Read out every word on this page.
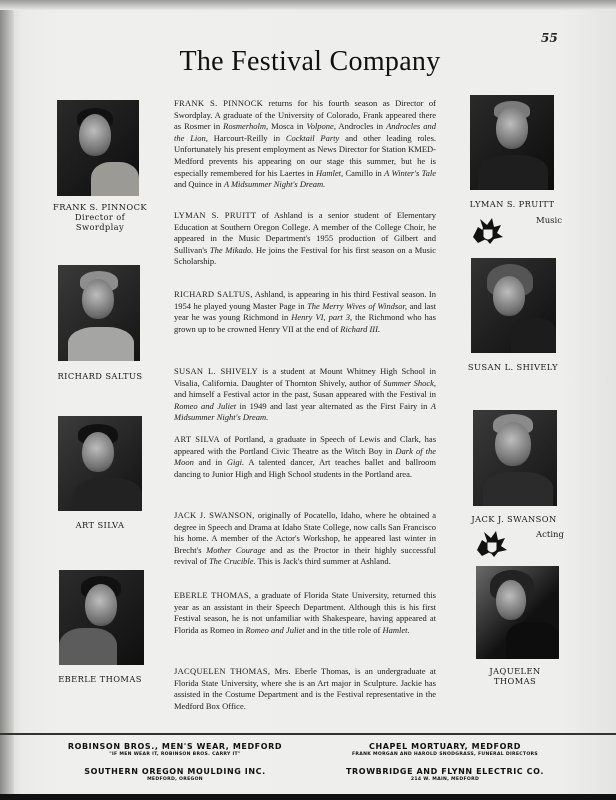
55
The Festival Company
FRANK S. PINNOCK
Director of
Swordplay
RICHARD SALTUS
ART SILVA
EBERLE THOMAS
LYMAN S. PRUITT
Music
SUSAN L. SHIVELY
JACK J. SWANSON
Acting
JAQUELEN
THOMAS
FRANK S. PINNOCK returns for his fourth season as Director of Swordplay. A graduate of the University of Colorado, Frank appeared there as Rosmer in Rosmerholm, Mosca in Volpone, Androcles in Androcles and the Lion, Harcourt-Reilly in Cocktail Party and other leading roles. Unfortunately his present employment as News Director for Station KMED-Medford prevents his appearing on our stage this summer, but he is especially remembered for his Laertes in Hamlet, Camillo in A Winter's Tale and Quince in A Midsummer Night's Dream.
LYMAN S. PRUITT of Ashland is a senior student of Elementary Education at Southern Oregon College. A member of the College Choir, he appeared in the Music Department's 1955 production of Gilbert and Sullivan's The Mikado. He joins the Festival for his first season on a Music Scholarship.
RICHARD SALTUS, Ashland, is appearing in his third Festival season. In 1954 he played young Master Page in The Merry Wives of Windsor, and last year he was young Richmond in Henry VI, part 3, the Richmond who has grown up to be crowned Henry VII at the end of Richard III.
SUSAN L. SHIVELY is a student at Mount Whitney High School in Visalia, California. Daughter of Thornton Shively, author of Summer Shock, and himself a Festival actor in the past, Susan appeared with the Festival in Romeo and Juliet in 1949 and last year alternated as the First Fairy in A Midsummer Night's Dream.
ART SILVA of Portland, a graduate in Speech of Lewis and Clark, has appeared with the Portland Civic Theatre as the Witch Boy in Dark of the Moon and in Gigi. A talented dancer, Art teaches ballet and ballroom dancing to Junior High and High School students in the Portland area.
JACK J. SWANSON, originally of Pocatello, Idaho, where he obtained a degree in Speech and Drama at Idaho State College, now calls San Francisco his home. A member of the Actor's Workshop, he appeared last winter in Brecht's Mother Courage and as the Proctor in their highly successful revival of The Crucible. This is Jack's third summer at Ashland.
EBERLE THOMAS, a graduate of Florida State University, returned this year as an assistant in their Speech Department. Although this is his first Festival season, he is not unfamiliar with Shakespeare, having appeared at Florida as Romeo in Romeo and Juliet and in the title role of Hamlet.
JACQUELEN THOMAS, Mrs. Eberle Thomas, is an undergraduate at Florida State University, where she is an Art major in Sculpture. Jackie has assisted in the Costume Department and is the Festival representative in the Medford Box Office.
ROBINSON BROS., MEN'S WEAR, MEDFORD
"IF MEN WEAR IT, ROBINSON BROS. CARRY IT"
SOUTHERN OREGON MOULDING INC.
MEDFORD, OREGON
CHAPEL MORTUARY, MEDFORD
FRANK MORGAN AND HAROLD SNODGRASS, FUNERAL DIRECTORS
TROWBRIDGE AND FLYNN ELECTRIC CO.
214 W. MAIN, MEDFORD
